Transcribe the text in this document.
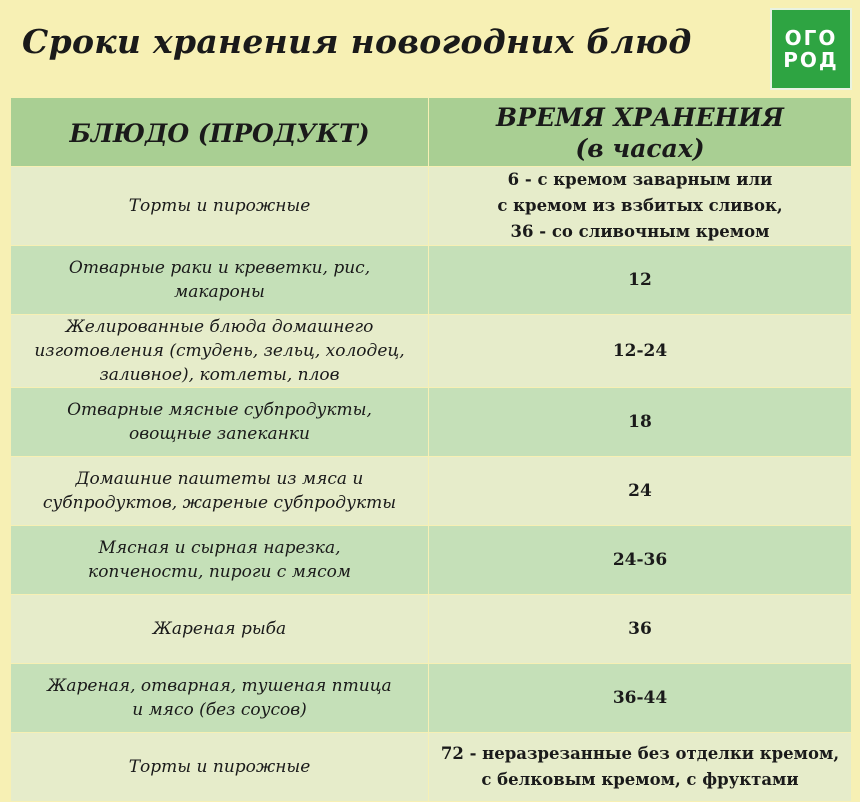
Сроки хранения новогодних блюд	ОГО
РОД
БЛЮДО (ПРОДУКТ)	ВРЕМЯ ХРАНЕНИЯ
(в часах)
Торты и пирожные	6 - с кремом заварным или
с кремом из взбитых сливок,
36 - со сливочным кремом
Отварные раки и креветки, рис,
макароны	12
Желированные блюда домашнего
изготовления (студень, зельц, холодец,
заливное), котлеты, плов	12-24
Отварные мясные субпродукты,
овощные запеканки	18
Домашние паштеты из мяса и
субпродуктов, жареные субпродукты	24
Мясная и сырная нарезка,
копчености, пироги с мясом	24-36
Жареная рыба	36
Жареная, отварная, тушеная птица
и мясо (без соусов)	36-44
Торты и пирожные	72 - неразрезанные без отделки кремом,
с белковым кремом, с фруктами
